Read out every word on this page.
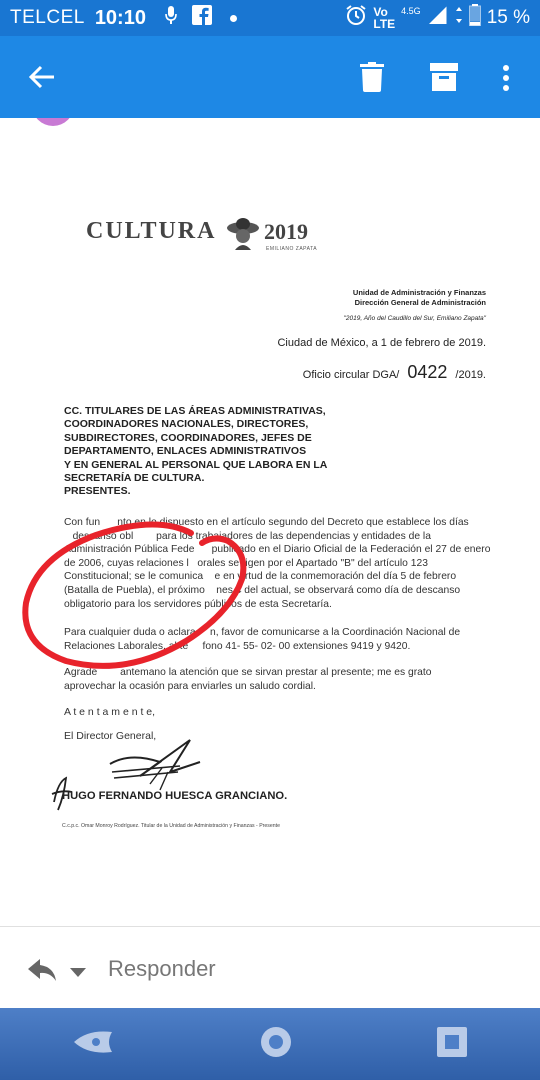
TELCEL 10:10	Vo
LTE
4.5G	15 %
CULTURA 2019
EMILIANO ZAPATA
Unidad de Administración y Finanzas
Dirección General de Administración
"2019, Año del Caudillo del Sur, Emiliano Zapata"
Ciudad de México, a 1 de febrero de 2019.
Oficio circular DGA/ 0422 /2019.
CC. TITULARES DE LAS ÁREAS ADMINISTRATIVAS,
COORDINADORES NACIONALES, DIRECTORES,
SUBDIRECTORES, COORDINADORES, JEFES DE
DEPARTAMENTO, ENLACES ADMINISTRATIVOS
Y EN GENERAL AL PERSONAL QUE LABORA EN LA
SECRETARÍA DE CULTURA.
PRESENTES.
Con fun      nto en lo dispuesto en el artículo segundo del Decreto que establece los días
descanso obl        para los trabajadores de las dependencias y entidades de la
Administración Pública Fede      publicado en el Diario Oficial de la Federación el 27 de enero
de 2006, cuyas relaciones l   orales se rigen por el Apartado "B" del artículo 123
Constitucional; se le comunica    e en virtud de la conmemoración del día 5 de febrero
(Batalla de Puebla), el próximo    nes 4 del actual, se observará como día de descanso
obligatorio para los servidores públicos de esta Secretaría.
Para cualquier duda o aclara     n, favor de comunicarse a la Coordinación Nacional de
Relaciones Laborales, al te     fono 41- 55- 02- 00 extensiones 9419 y 9420.
Agrade        antemano la atención que se sirvan prestar al presente; me es grato
aprovechar la ocasión para enviarles un saludo cordial.
A t e n t a m e n t e,
El Director General,
HUGO FERNANDO HUESCA GRANCIANO.
C.c.p.c. Omar Monroy Rodríguez. Titular de la Unidad de Administración y Finanzas - Presente
Responder
